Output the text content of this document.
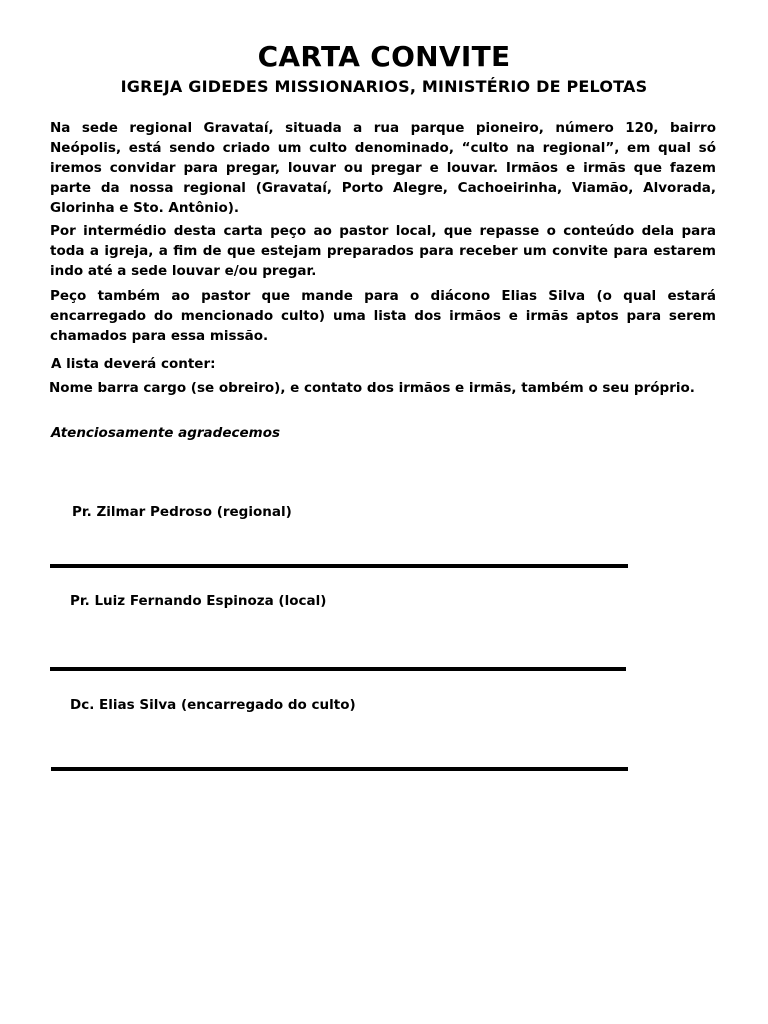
CARTA CONVITE
IGREJA GIDEDES MISSIONARIOS, MINISTÉRIO DE PELOTAS

Na sede regional Gravataí, situada a rua parque pioneiro, número 120, bairro Neópolis, está sendo criado um culto denominado, “culto na regional”, em qual só iremos convidar para pregar, louvar ou pregar e louvar. Irmãos e irmãs que fazem parte da nossa regional (Gravataí, Porto Alegre, Cachoeirinha, Viamão, Alvorada, Glorinha e Sto. Antônio).

Por intermédio desta carta peço ao pastor local, que repasse o conteúdo dela para toda a igreja, a fim de que estejam preparados para receber um convite para estarem indo até a sede louvar e/ou pregar.

Peço também ao pastor que mande para o diácono Elias Silva (o qual estará encarregado do mencionado culto) uma lista dos irmãos e irmãs aptos para serem chamados para essa missão.

A lista deverá conter:

Nome barra cargo (se obreiro), e contato dos irmãos e irmãs, também o seu próprio.

Atenciosamente agradecemos

Pr. Zilmar Pedroso (regional)

Pr. Luiz Fernando Espinoza (local)

Dc. Elias Silva (encarregado do culto)
